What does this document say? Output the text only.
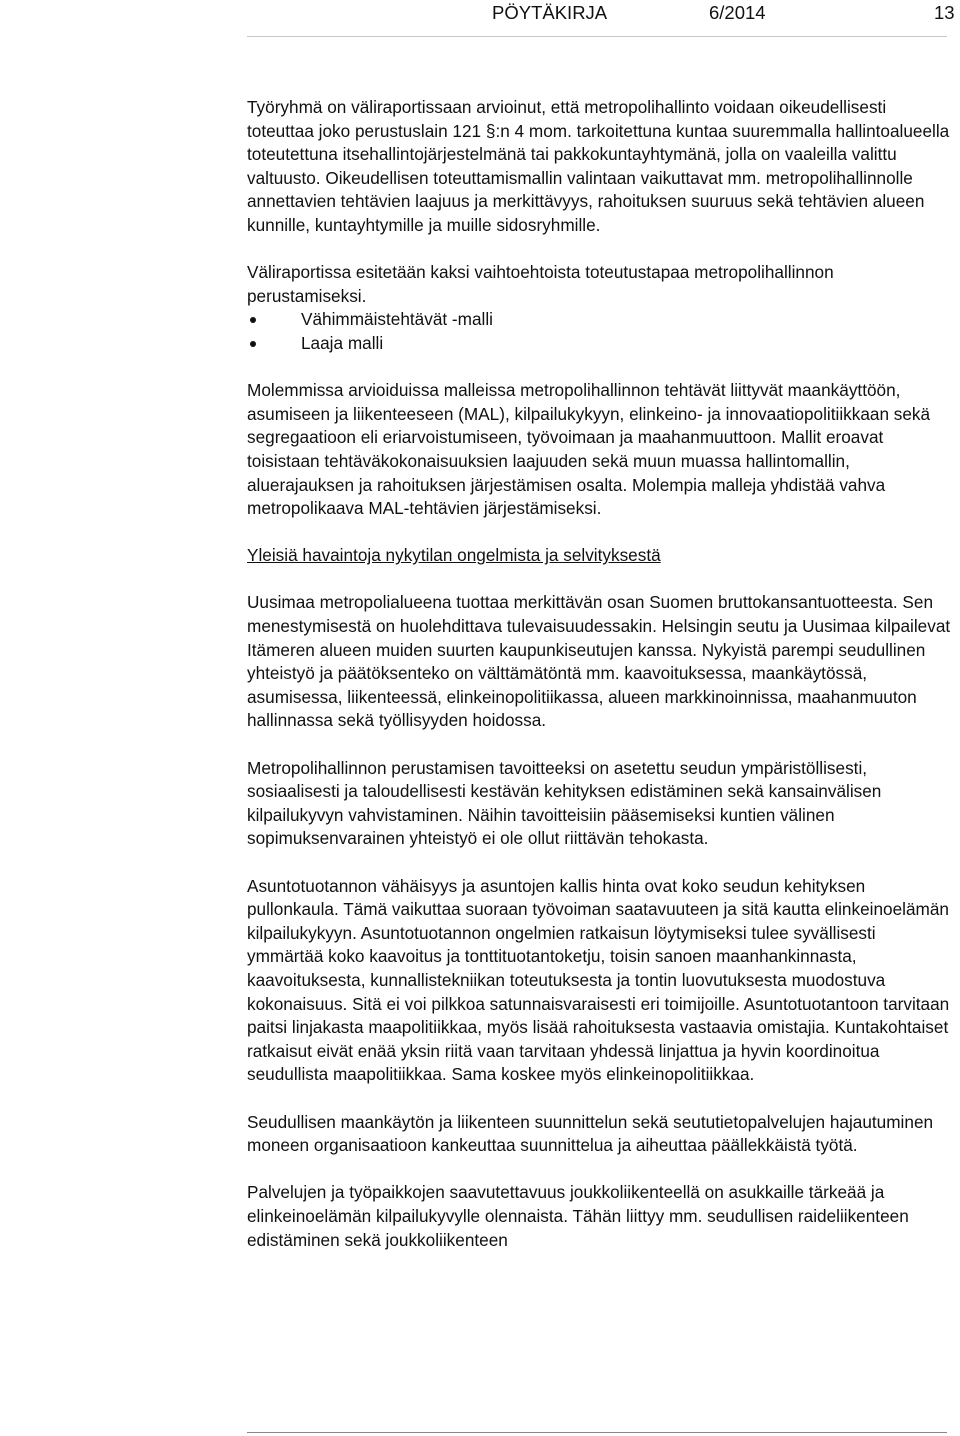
PÖYTÄKIRJA	6/2014	13

Työryhmä on väliraportissaan arvioinut, että metropolihallinto voidaan oikeudellisesti toteuttaa joko perustuslain 121 §:n 4 mom. tarkoitettuna kuntaa suuremmalla hallintoalueella toteutettuna itsehallintojärjestelmänä tai pakkokuntayhtymänä, jolla on vaaleilla valittu valtuusto. Oikeudellisen toteuttamismallin valintaan vaikuttavat mm. metropolihallinnolle annettavien tehtävien laajuus ja merkittävyys, rahoituksen suuruus sekä tehtävien alueen kunnille, kuntayhtymille ja muille sidosryhmille.

Väliraportissa esitetään kaksi vaihtoehtoista toteutustapaa metropolihallinnon perustamiseksi.

Vähimmäistehtävät -malli
Laaja malli

Molemmissa arvioiduissa malleissa metropolihallinnon tehtävät liittyvät maankäyttöön, asumiseen ja liikenteeseen (MAL), kilpailukykyyn, elinkeino- ja innovaatiopolitiikkaan sekä segregaatioon eli eriarvoistumiseen, työvoimaan ja maahanmuuttoon. Mallit eroavat toisistaan tehtäväkokonaisuuksien laajuuden sekä muun muassa hallintomallin, aluerajauksen ja rahoituksen järjestämisen osalta. Molempia malleja yhdistää vahva metropolikaava MAL-tehtävien järjestämiseksi.

Yleisiä havaintoja nykytilan ongelmista ja selvityksestä

Uusimaa metropolialueena tuottaa merkittävän osan Suomen bruttokansantuotteesta. Sen menestymisestä on huolehdittava tulevaisuudessakin. Helsingin seutu ja Uusimaa kilpailevat Itämeren alueen muiden suurten kaupunkiseutujen kanssa. Nykyistä parempi seudullinen yhteistyö ja päätöksenteko on välttämätöntä mm. kaavoituksessa, maankäytössä, asumisessa, liikenteessä, elinkeinopolitiikassa, alueen markkinoinnissa, maahanmuuton hallinnassa sekä työllisyyden hoidossa.

Metropolihallinnon perustamisen tavoitteeksi on asetettu seudun ympäristöllisesti, sosiaalisesti ja taloudellisesti kestävän kehityksen edistäminen sekä kansainvälisen kilpailukyvyn vahvistaminen. Näihin tavoitteisiin pääsemiseksi kuntien välinen sopimuksenvarainen yhteistyö ei ole ollut riittävän tehokasta.

Asuntotuotannon vähäisyys ja asuntojen kallis hinta ovat koko seudun kehityksen pullonkaula. Tämä vaikuttaa suoraan työvoiman saatavuuteen ja sitä kautta elinkeinoelämän kilpailukykyyn. Asuntotuotannon ongelmien ratkaisun löytymiseksi tulee syvällisesti ymmärtää koko kaavoitus ja tonttituotantoketju, toisin sanoen maanhankinnasta, kaavoituksesta, kunnallistekniikan toteutuksesta ja tontin luovutuksesta muodostuva kokonaisuus. Sitä ei voi pilkkoa satunnaisvaraisesti eri toimijoille. Asuntotuotantoon tarvitaan paitsi linjakasta maapolitiikkaa, myös lisää rahoituksesta vastaavia omistajia. Kuntakohtaiset ratkaisut eivät enää yksin riitä vaan tarvitaan yhdessä linjattua ja hyvin koordinoitua seudullista maapolitiikkaa. Sama koskee myös elinkeinopolitiikkaa.

Seudullisen maankäytön ja liikenteen suunnittelun sekä seututietopalvelujen hajautuminen moneen organisaatioon kankeuttaa suunnittelua ja aiheuttaa päällekkäistä työtä.

Palvelujen ja työpaikkojen saavutettavuus joukkoliikenteellä on asukkaille tärkeää ja elinkeinoelämän kilpailukyvylle olennaista. Tähän liittyy mm. seudullisen raideliikenteen edistäminen sekä joukkoliikenteen
